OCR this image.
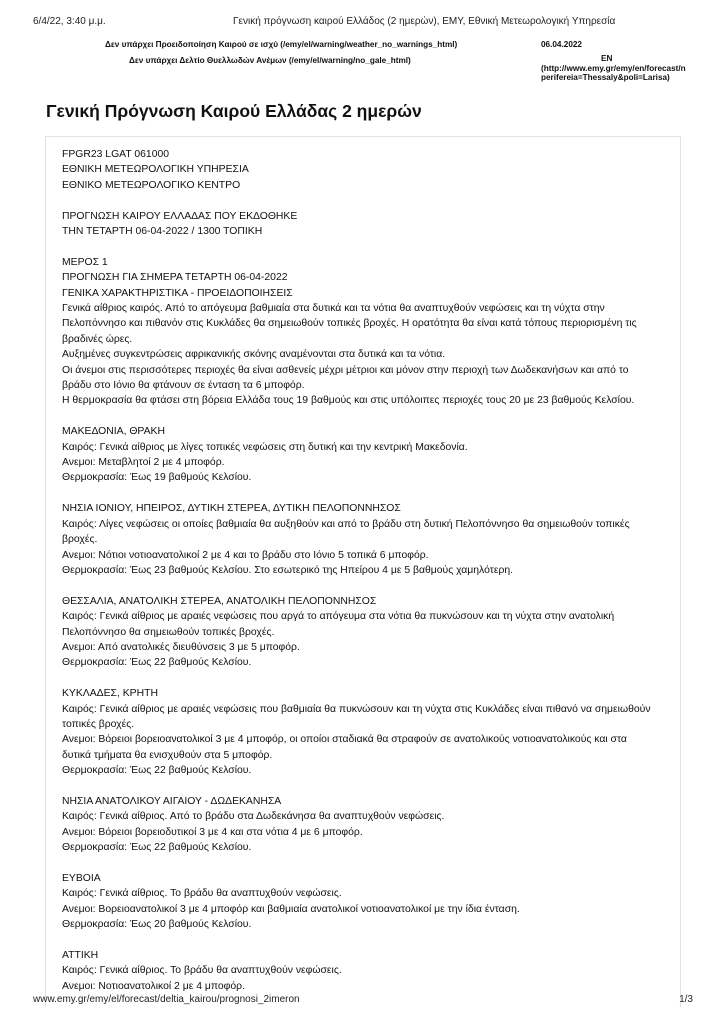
6/4/22, 3:40 μ.μ.	Γενική πρόγνωση καιρού Ελλάδος (2 ημερών), ΕΜΥ, Εθνική Μετεωρολογική Υπηρεσία
Δεν υπάρχει Προειδοποίηση Καιρού σε ισχύ (/emy/el/warning/weather_no_warnings_html)
Δεν υπάρχει Δελτίο Θυελλωδών Ανέμων (/emy/el/warning/no_gale_html)
06.04.2022
EN
(http://www.emy.gr/emy/en/forecast/n perifereia=Thessaly&poli=Larisa)
Γενική Πρόγνωση Καιρού Ελλάδας 2 ημερών
FPGR23 LGAT 061000
ΕΘΝΙΚΗ ΜΕΤΕΩΡΟΛΟΓΙΚΗ ΥΠΗΡΕΣΙΑ
ΕΘΝΙΚΟ ΜΕΤΕΩΡΟΛΟΓΙΚΟ ΚΕΝΤΡΟ
ΠΡΟΓΝΩΣΗ ΚΑΙΡΟΥ ΕΛΛΑΔΑΣ ΠΟΥ ΕΚΔΟΘΗΚΕ
ΤΗΝ ΤΕΤΑΡΤΗ 06-04-2022 / 1300 ΤΟΠΙΚΗ
ΜΕΡΟΣ 1
ΠΡΟΓΝΩΣΗ ΓΙΑ ΣΗΜΕΡΑ ΤΕΤΑΡΤΗ 06-04-2022
ΓΕΝΙΚΑ ΧΑΡΑΚΤΗΡΙΣΤΙΚΑ - ΠΡΟΕΙΔΟΠΟΙΗΣΕΙΣ
Γενικά αίθριος καιρός. Από το απόγευμα βαθμιαία στα δυτικά και τα νότια θα αναπτυχθούν νεφώσεις και τη νύχτα στην
Πελοπόννησο και πιθανόν στις Κυκλάδες θα σημειωθούν τοπικές βροχές. Η ορατότητα θα είναι κατά τόπους περιορισμένη τις
βραδινές ώρες.
Αυξημένες συγκεντρώσεις αφρικανικής σκόνης αναμένονται στα δυτικά και τα νότια.
Οι άνεμοι στις περισσότερες περιοχές θα είναι ασθενείς μέχρι μέτριοι και μόνον στην περιοχή των Δωδεκανήσων και από το
βράδυ στο Ιόνιο θα φτάνουν σε ένταση τα 6 μποφόρ.
Η θερμοκρασία θα φτάσει στη βόρεια Ελλάδα τους 19 βαθμούς και στις υπόλοιπες περιοχές τους 20 με 23 βαθμούς Κελσίου.
ΜΑΚΕΔΟΝΙΑ, ΘΡΑΚΗ
Καιρός: Γενικά αίθριος με λίγες τοπικές νεφώσεις στη δυτική και την κεντρική Μακεδονία.
Ανεμοι: Μεταβλητοί 2 με 4 μποφόρ.
Θερμοκρασία: Έως 19 βαθμούς Κελσίου.
ΝΗΣΙΑ ΙΟΝΙΟΥ, ΗΠΕΙΡΟΣ, ΔΥΤΙΚΗ ΣΤΕΡΕΑ, ΔΥΤΙΚΗ ΠΕΛΟΠΟΝΝΗΣΟΣ
Καιρός: Λίγες νεφώσεις οι οποίες βαθμιαία θα αυξηθούν και από το βράδυ στη δυτική Πελοπόννησο θα σημειωθούν τοπικές
βροχές.
Ανεμοι: Νότιοι νοτιοανατολικοί 2 με 4 και το βράδυ στο Ιόνιο 5 τοπικά 6 μποφόρ.
Θερμοκρασία: Έως 23 βαθμούς Κελσίου. Στο εσωτερικό της Ηπείρου 4 με 5 βαθμούς χαμηλότερη.
ΘΕΣΣΑΛΙΑ, ΑΝΑΤΟΛΙΚΗ ΣΤΕΡΕΑ, ΑΝΑΤΟΛΙΚΗ ΠΕΛΟΠΟΝΝΗΣΟΣ
Καιρός: Γενικά αίθριος με αραιές νεφώσεις που αργά το απόγευμα στα νότια θα πυκνώσουν και τη νύχτα στην ανατολική
Πελοπόννησο θα σημειωθούν τοπικές βροχές.
Ανεμοι: Από ανατολικές διευθύνσεις 3 με 5 μποφόρ.
Θερμοκρασία: Έως 22 βαθμούς Κελσίου.
ΚΥΚΛΑΔΕΣ, ΚΡΗΤΗ
Καιρός: Γενικά αίθριος με αραιές νεφώσεις που βαθμιαία θα πυκνώσουν και τη νύχτα στις Κυκλάδες είναι πιθανό να σημειωθούν
τοπικές βροχές.
Ανεμοι: Βόρειοι βορειοανατολικοί 3 με 4 μποφόρ, οι οποίοι σταδιακά θα στραφούν σε ανατολικούς νοτιοανατολικούς και στα
δυτικά τμήματα θα ενισχυθούν στα 5 μποφόρ.
Θερμοκρασία: Έως 22 βαθμούς Κελσίου.
ΝΗΣΙΑ ΑΝΑΤΟΛΙΚΟΥ ΑΙΓΑΙΟΥ - ΔΩΔΕΚΑΝΗΣΑ
Καιρός: Γενικά αίθριος. Από το βράδυ στα Δωδεκάνησα θα αναπτυχθούν νεφώσεις.
Ανεμοι: Βόρειοι βορειοδυτικοί 3 με 4 και στα νότια 4 με 6 μποφόρ.
Θερμοκρασία: Έως 22 βαθμούς Κελσίου.
ΕΥΒΟΙΑ
Καιρός: Γενικά αίθριος. Το βράδυ θα αναπτυχθούν νεφώσεις.
Ανεμοι: Βορειοανατολικοί 3 με 4 μποφόρ και βαθμιαία ανατολικοί νοτιοανατολικοί με την ίδια ένταση.
Θερμοκρασία: Έως 20 βαθμούς Κελσίου.
ΑΤΤΙΚΗ
Καιρός: Γενικά αίθριος. Το βράδυ θα αναπτυχθούν νεφώσεις.
Ανεμοι: Νοτιοανατολικοί 2 με 4 μποφόρ.
www.emy.gr/emy/el/forecast/deltia_kairou/prognosi_2imeron	1/3
